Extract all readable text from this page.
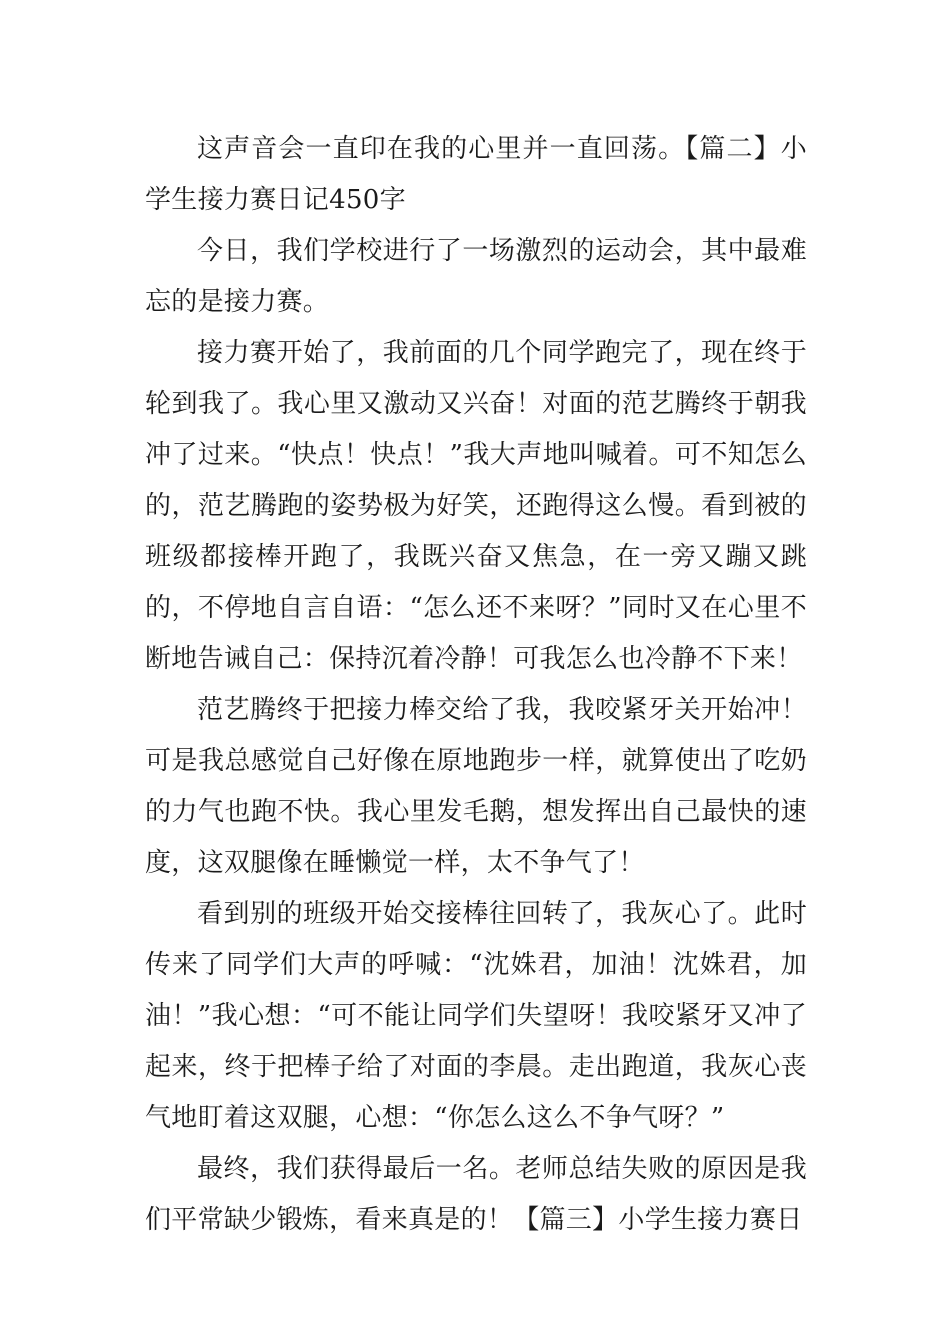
这声音会一直印在我的心里并一直回荡。【篇二】小学生接力赛日记450字

今日，我们学校进行了一场激烈的运动会，其中最难忘的是接力赛。

接力赛开始了，我前面的几个同学跑完了，现在终于轮到我了。我心里又激动又兴奋！对面的范艺腾终于朝我冲了过来。“快点！快点！”我大声地叫喊着。可不知怎么的，范艺腾跑的姿势极为好笑，还跑得这么慢。看到被的班级都接棒开跑了，我既兴奋又焦急，在一旁又蹦又跳的，不停地自言自语：“怎么还不来呀？”同时又在心里不断地告诫自己：保持沉着冷静！可我怎么也冷静不下来！

范艺腾终于把接力棒交给了我，我咬紧牙关开始冲！可是我总感觉自己好像在原地跑步一样，就算使出了吃奶的力气也跑不快。我心里发毛鹅，想发挥出自己最快的速度，这双腿像在睡懒觉一样，太不争气了！

看到别的班级开始交接棒往回转了，我灰心了。此时传来了同学们大声的呼喊：“沈姝君，加油！沈姝君，加油！”我心想：“可不能让同学们失望呀！我咬紧牙又冲了起来，终于把棒子给了对面的李晨。走出跑道，我灰心丧气地盯着这双腿，心想：“你怎么这么不争气呀？”

最终，我们获得最后一名。老师总结失败的原因是我们平常缺少锻炼，看来真是的！【篇三】小学生接力赛日
